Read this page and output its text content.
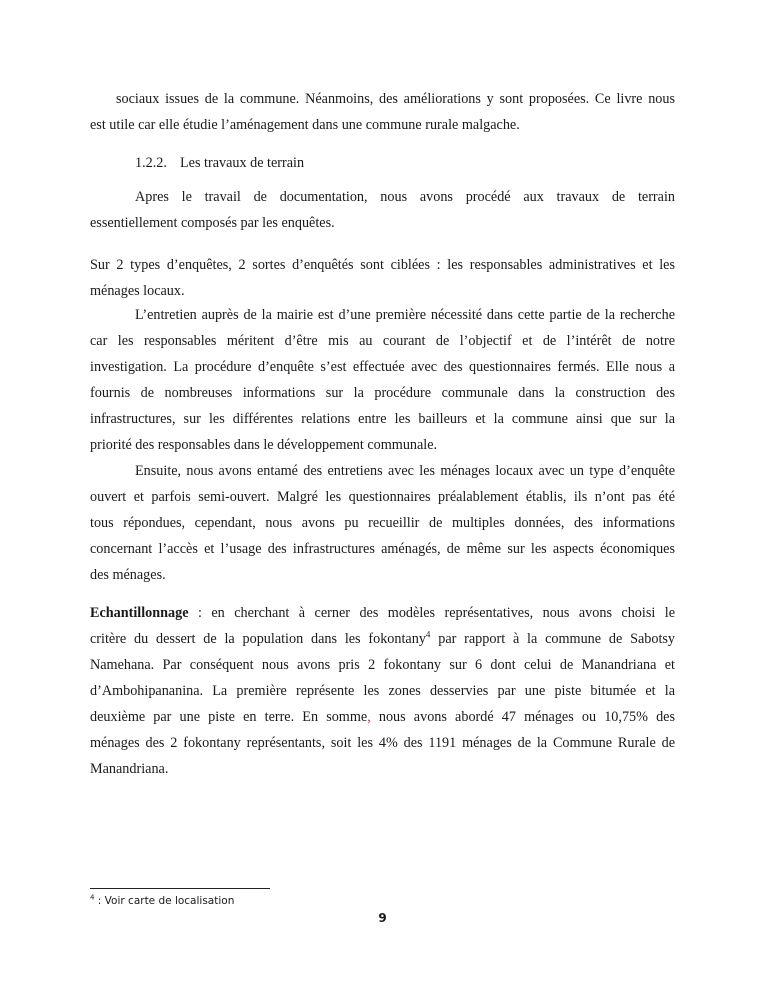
sociaux issues de la commune. Néanmoins, des améliorations y sont proposées. Ce livre nous
est utile car elle étudie l’aménagement dans une commune rurale malgache.
1.2.2. Les travaux de terrain
Apres le travail de documentation, nous avons procédé aux travaux de terrain
essentiellement composés par les enquêtes.
Sur 2 types d’enquêtes, 2 sortes d’enquêtés sont ciblées : les responsables administratives et les
ménages locaux.
L’entretien auprès de la mairie est d’une première nécessité dans cette partie de la recherche
car les responsables méritent d’être mis au courant de l’objectif et de l’intérêt de notre
investigation. La procédure d’enquête s’est effectuée avec des questionnaires fermés. Elle nous a
fournis de nombreuses informations sur la procédure communale dans la construction des
infrastructures, sur les différentes relations entre les bailleurs et la commune ainsi que sur la
priorité des responsables dans le développement communale.
Ensuite, nous avons entamé des entretiens avec les ménages locaux avec un type d’enquête
ouvert et parfois semi-ouvert. Malgré les questionnaires préalablement établis, ils n’ont pas été
tous répondues, cependant, nous avons pu recueillir de multiples données, des informations
concernant l’accès et l’usage des infrastructures aménagés, de même sur les aspects économiques
des ménages.
Echantillonnage : en cherchant à cerner des modèles représentatives, nous avons choisi le
critère du dessert de la population dans les fokontany$^4$ par rapport à la commune de Sabotsy
Namehana. Par conséquent nous avons pris 2 fokontany sur 6 dont celui de Manandriana et
d’Ambohipananina. La première représente les zones desservies par une piste bitumée et la
deuxième par une piste en terre. En somme, nous avons abordé 47 ménages ou 10,75% des
ménages des 2 fokontany représentants, soit les 4% des 1191 ménages de la Commune Rurale de
Manandriana.
$^4$ : Voir carte de localisation
9
